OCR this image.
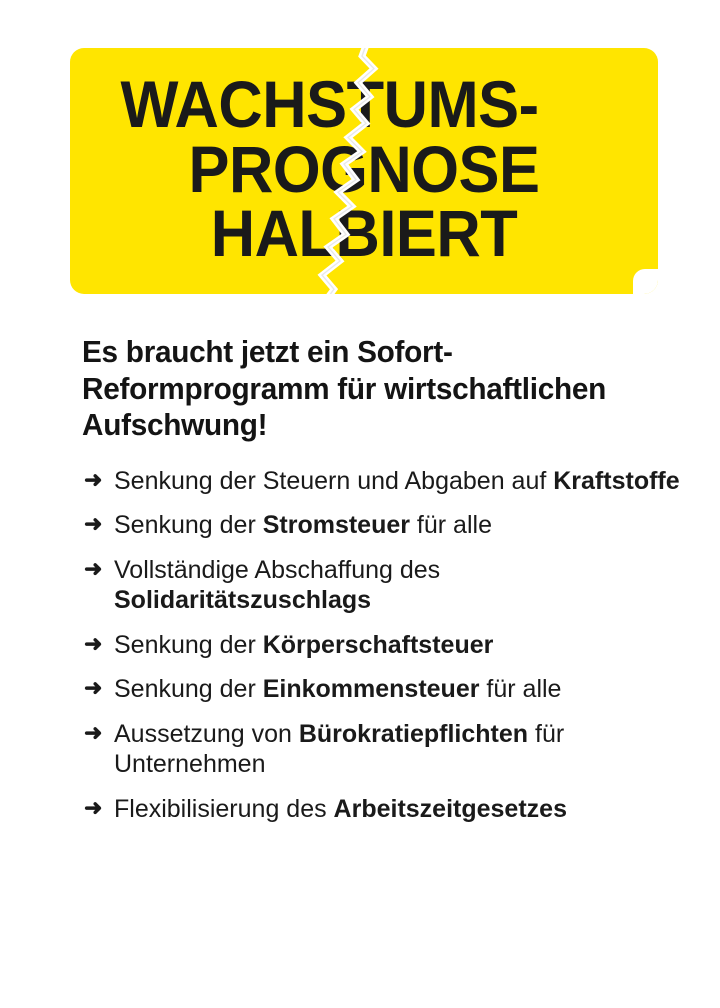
WACHSTUMS-
PROGNOSE
HALBIERT
Es braucht jetzt ein Sofort-Reformprogramm für wirtschaftlichen Aufschwung!
➜ Senkung der Steuern und Abgaben auf Kraftstoffe
➜ Senkung der Stromsteuer für alle
➜ Vollständige Abschaffung des Solidaritätszuschlags
➜ Senkung der Körperschaftsteuer
➜ Senkung der Einkommensteuer für alle
➜ Aussetzung von Bürokratiepflichten für Unternehmen
➜ Flexibilisierung des Arbeitszeitgesetzes
